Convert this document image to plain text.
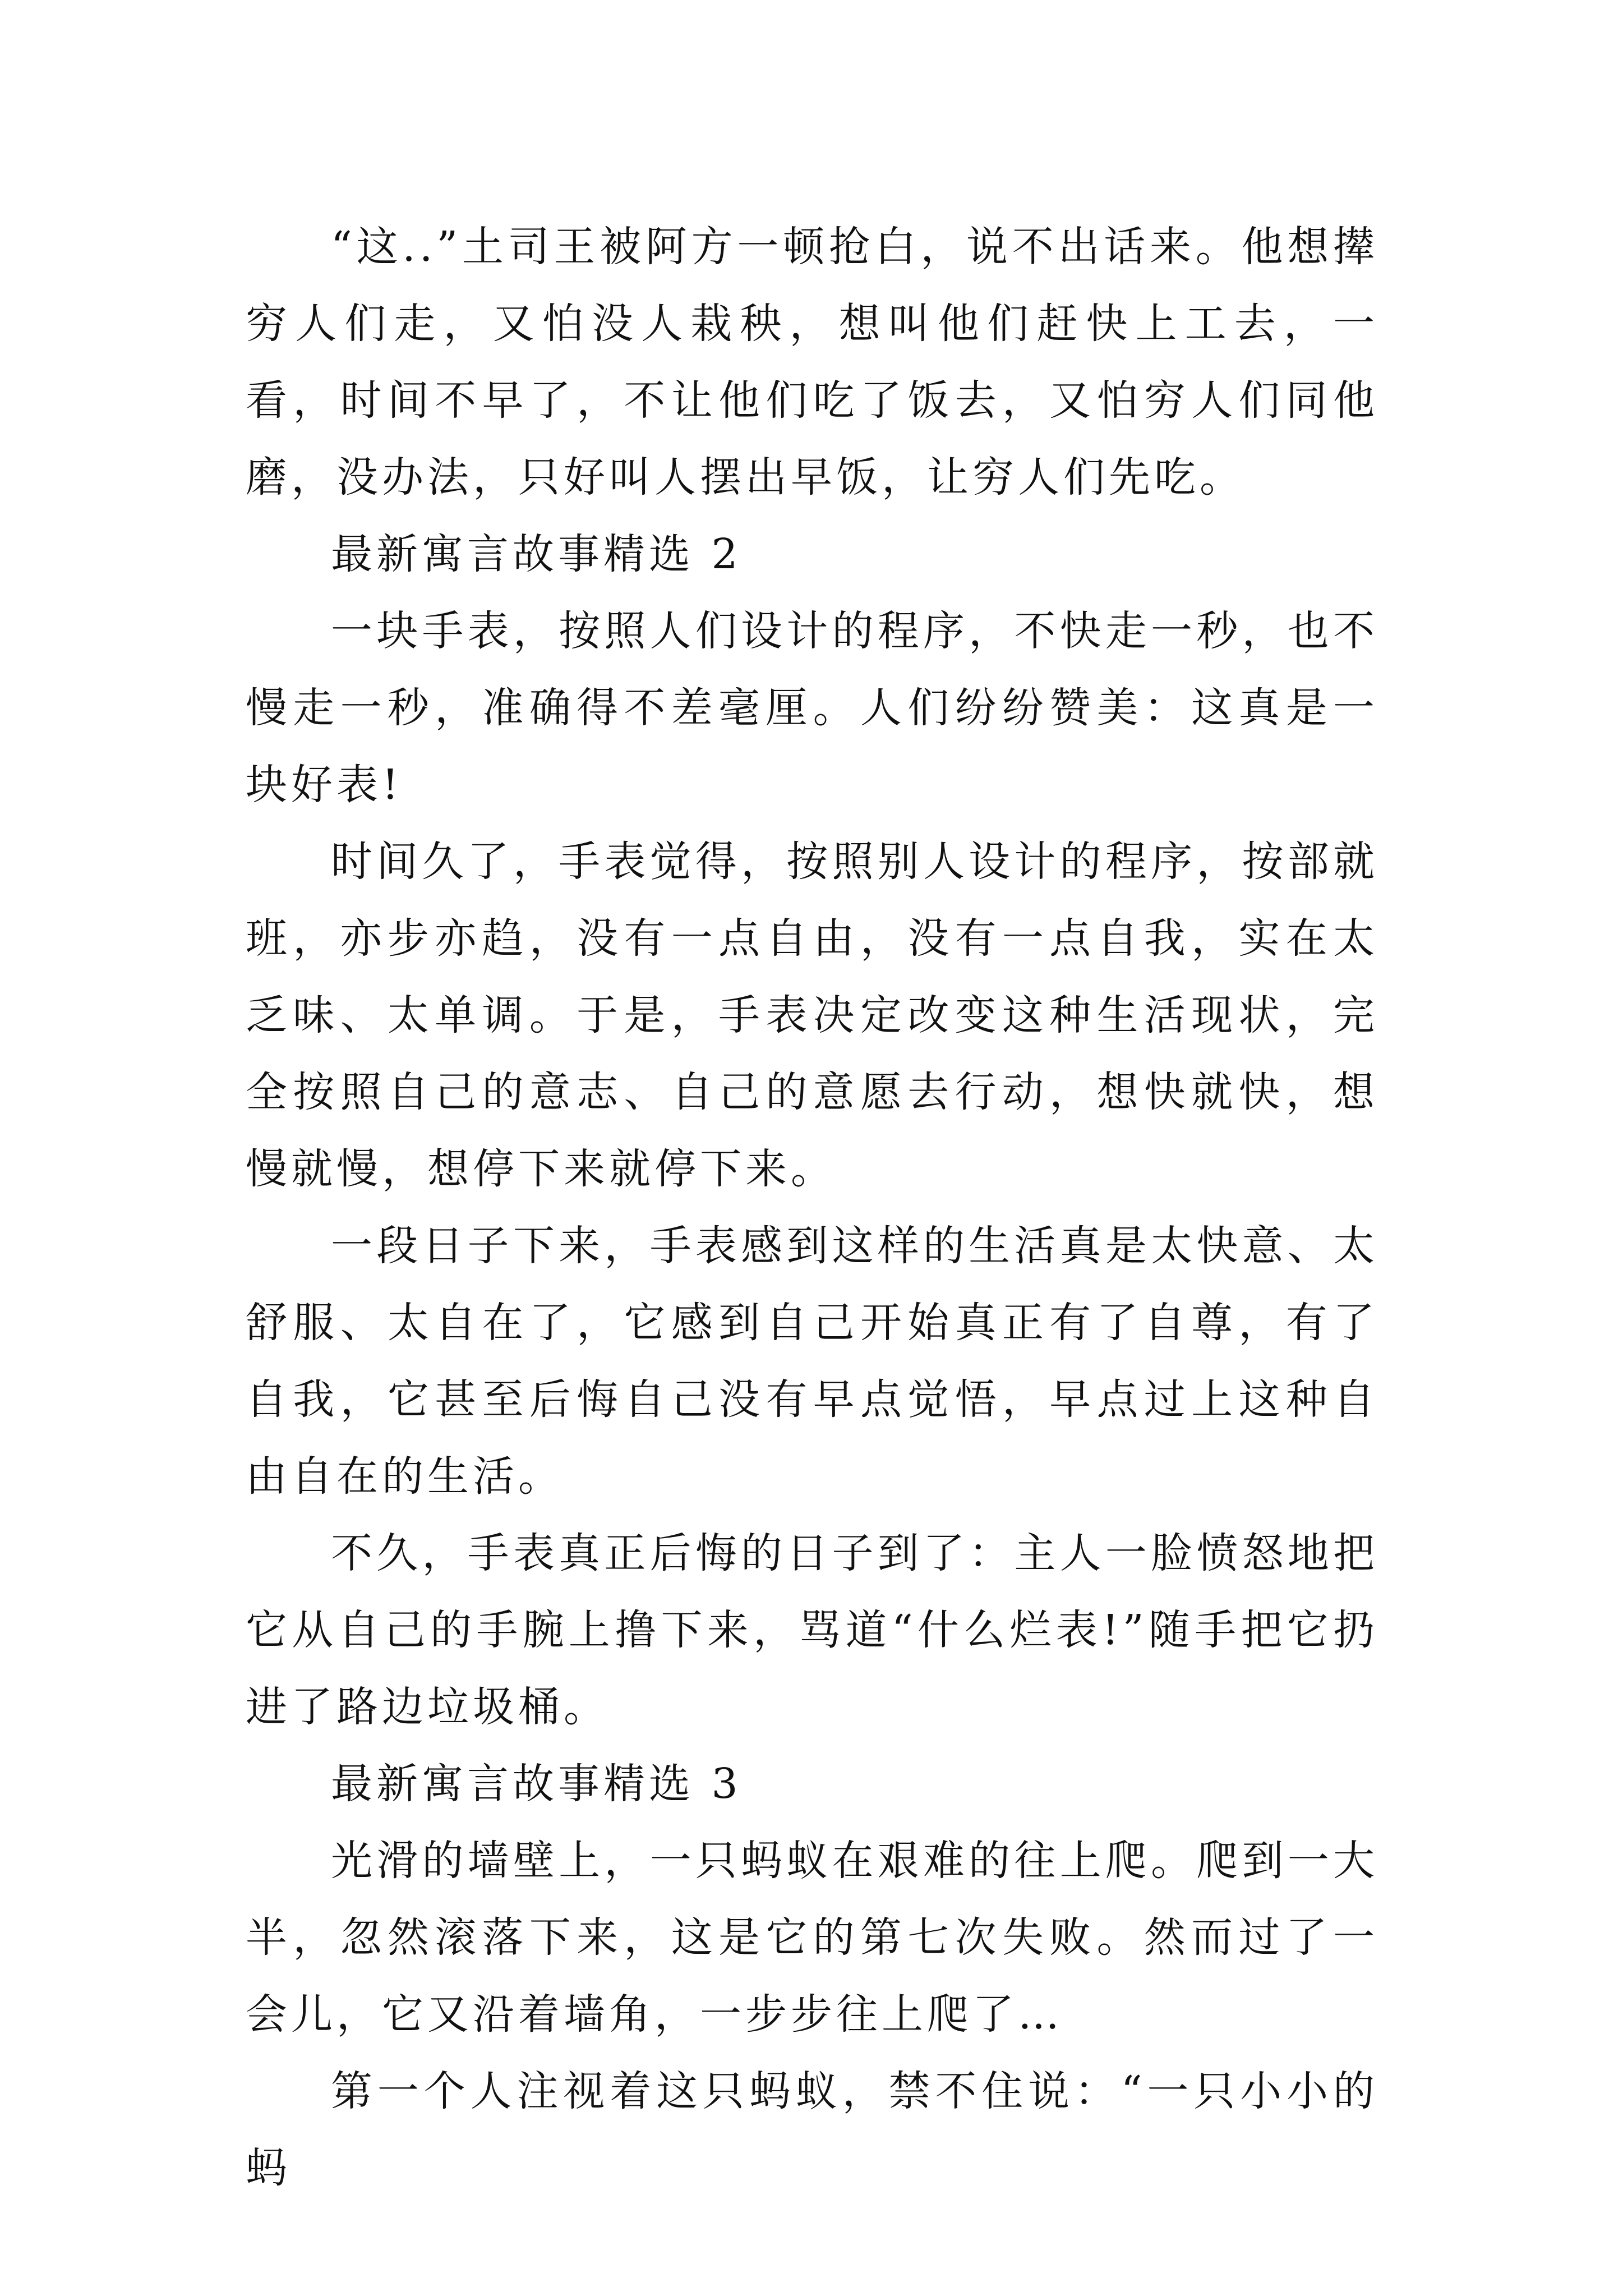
“这..”土司王被阿方一顿抢白，说不出话来。他想撵穷人们走，又怕没人栽秧，想叫他们赶快上工去，一看，时间不早了，不让他们吃了饭去，又怕穷人们同他磨，没办法，只好叫人摆出早饭，让穷人们先吃。

最新寓言故事精选 2

一块手表，按照人们设计的程序，不快走一秒，也不慢走一秒，准确得不差毫厘。人们纷纷赞美：这真是一块好表!

时间久了，手表觉得，按照别人设计的程序，按部就班，亦步亦趋，没有一点自由，没有一点自我，实在太乏味、太单调。于是，手表决定改变这种生活现状，完全按照自己的意志、自己的意愿去行动，想快就快，想慢就慢，想停下来就停下来。

一段日子下来，手表感到这样的生活真是太快意、太舒服、太自在了，它感到自己开始真正有了自尊，有了自我，它甚至后悔自己没有早点觉悟，早点过上这种自由自在的生活。

不久，手表真正后悔的日子到了：主人一脸愤怒地把它从自己的手腕上撸下来，骂道“什么烂表!”随手把它扔进了路边垃圾桶。

最新寓言故事精选 3

光滑的墙壁上，一只蚂蚁在艰难的往上爬。爬到一大半，忽然滚落下来，这是它的第七次失败。然而过了一会儿，它又沿着墙角，一步步往上爬了…

第一个人注视着这只蚂蚁，禁不住说：“一只小小的蚂
